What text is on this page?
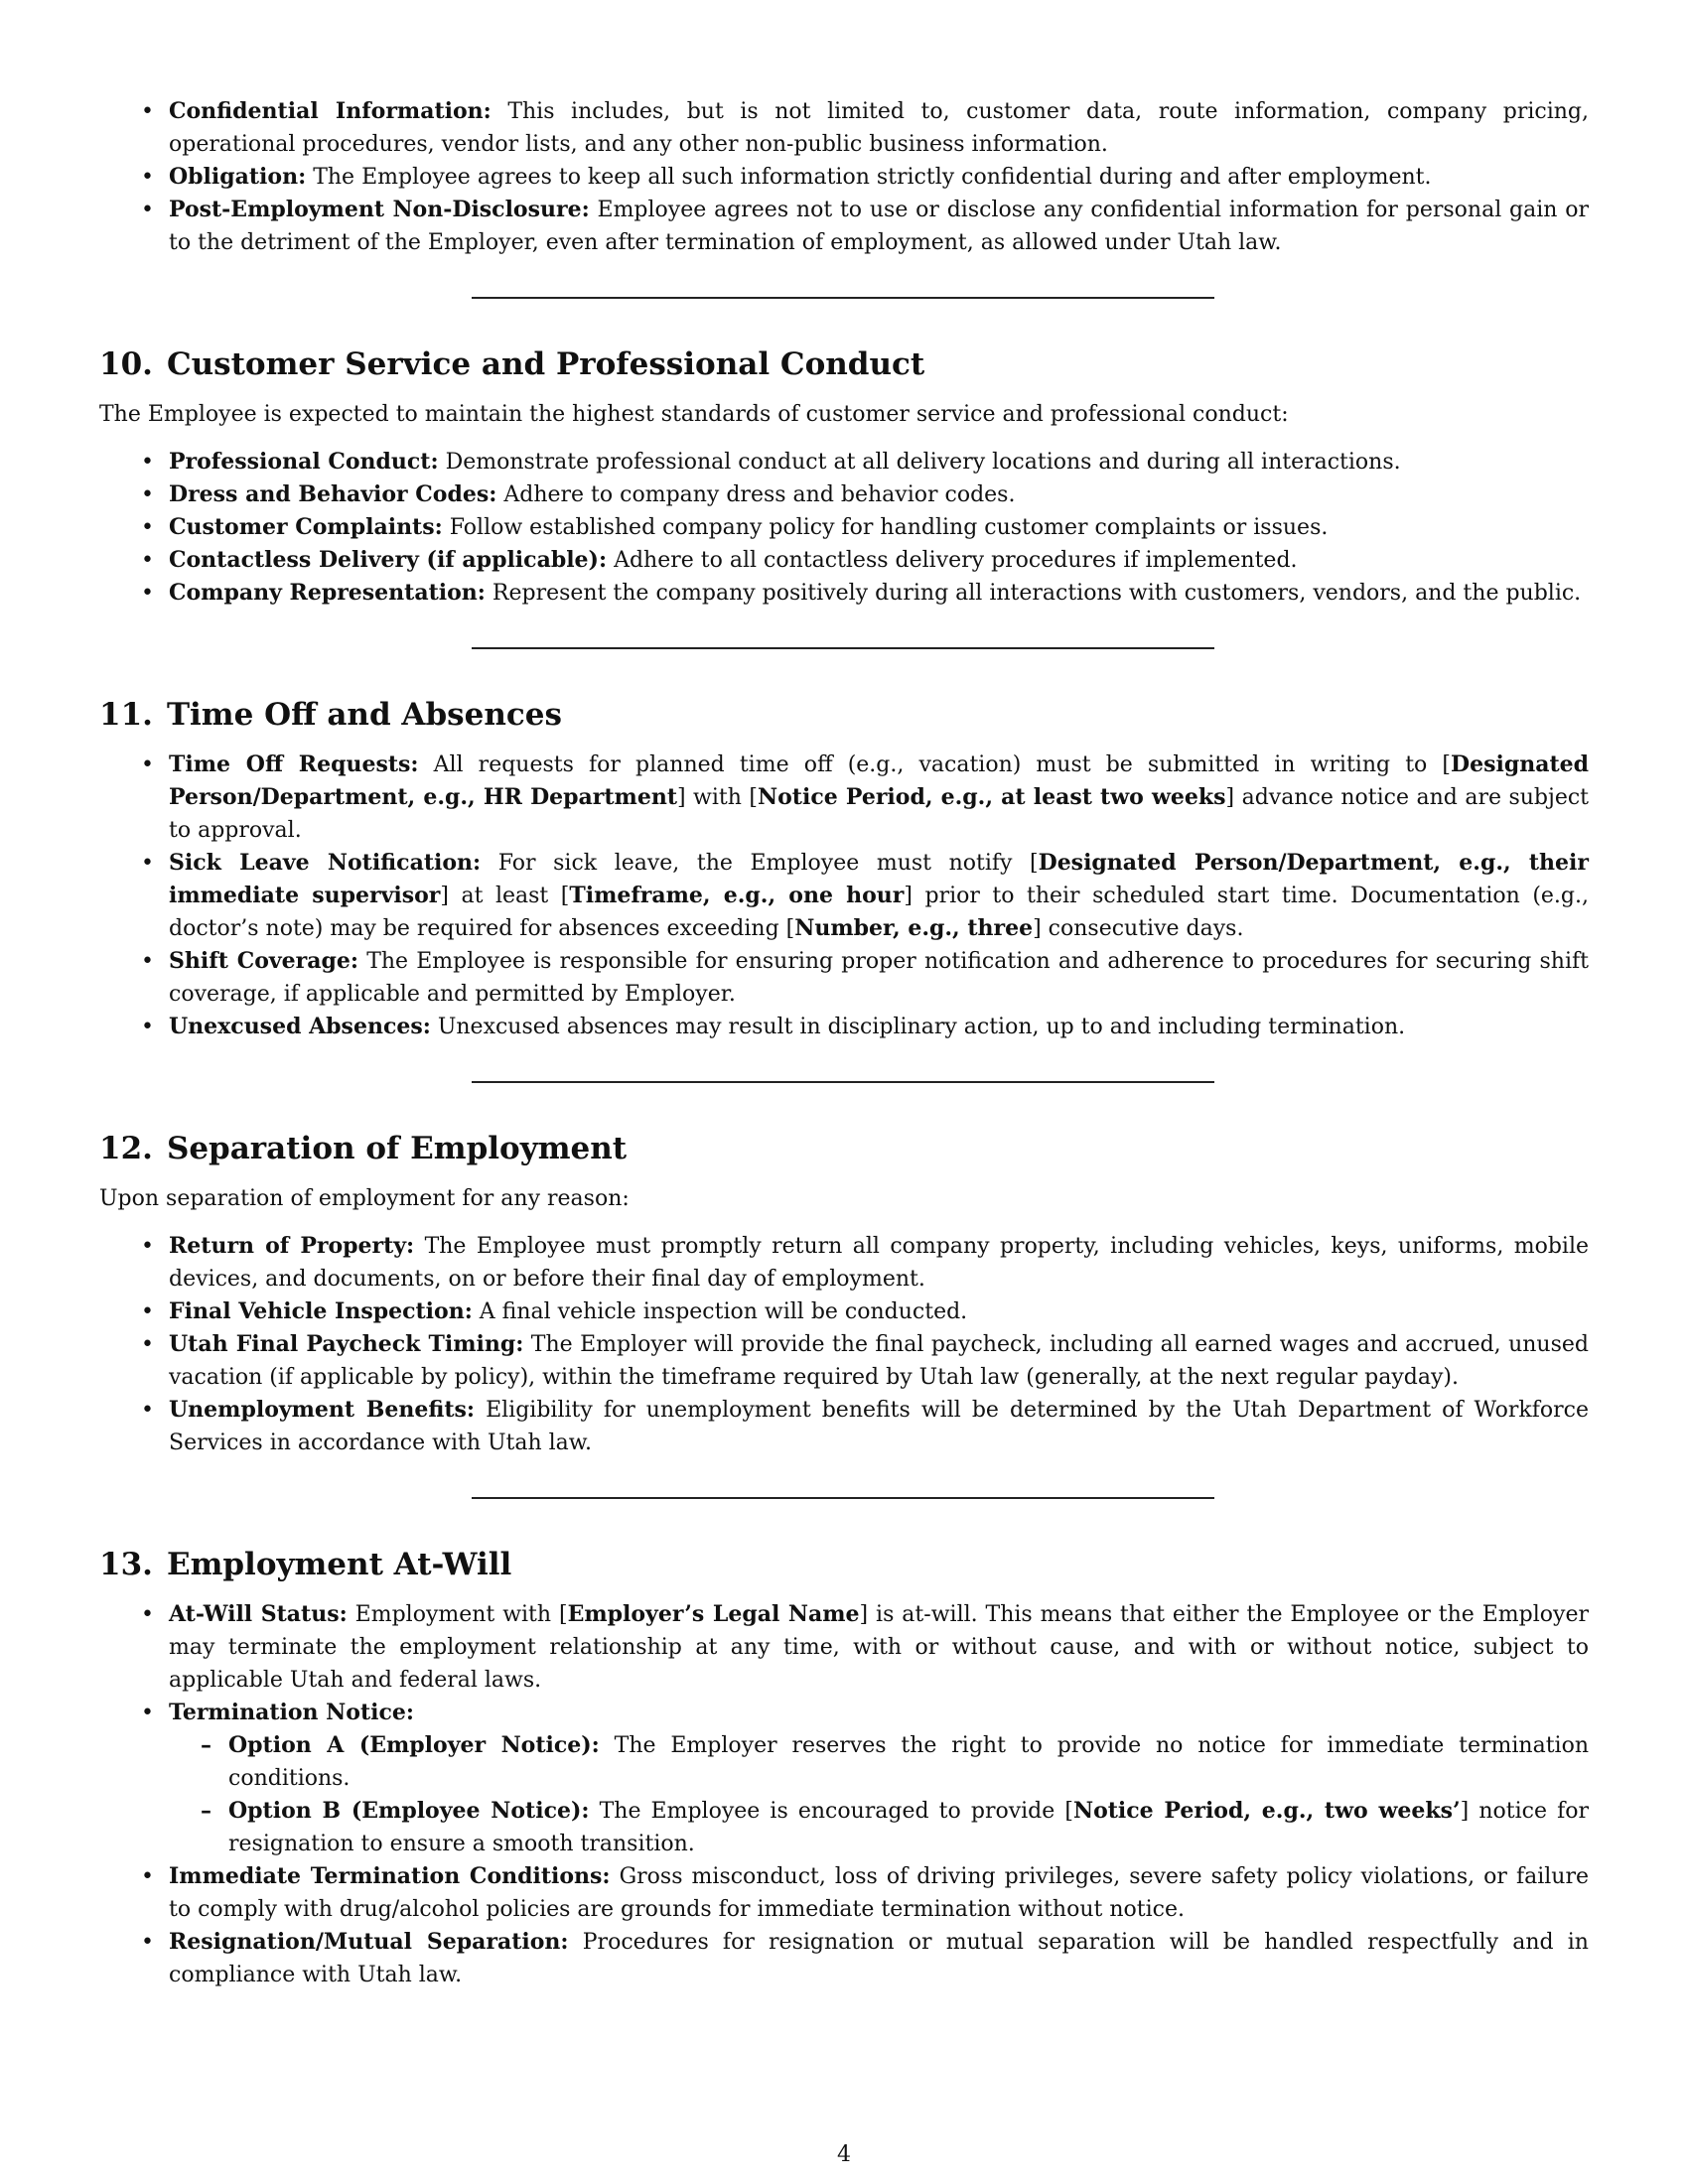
• Confidential Information: This includes, but is not limited to, customer data, route information, company pricing, operational procedures, vendor lists, and any other non-public business information.
• Obligation: The Employee agrees to keep all such information strictly confidential during and after employment.
• Post-Employment Non-Disclosure: Employee agrees not to use or disclose any confidential information for personal gain or to the detriment of the Employer, even after termination of employment, as allowed under Utah law.
10. Customer Service and Professional Conduct

The Employee is expected to maintain the highest standards of customer service and professional conduct:

• Professional Conduct: Demonstrate professional conduct at all delivery locations and during all interactions.
• Dress and Behavior Codes: Adhere to company dress and behavior codes.
• Customer Complaints: Follow established company policy for handling customer complaints or issues.
• Contactless Delivery (if applicable): Adhere to all contactless delivery procedures if implemented.
• Company Representation: Represent the company positively during all interactions with customers, vendors, and the public.
11. Time Off and Absences
• Time Off Requests: All requests for planned time off (e.g., vacation) must be submitted in writing to [Designated Person/Department, e.g., HR Department] with [Notice Period, e.g., at least two weeks] advance notice and are subject to approval.
• Sick Leave Notification: For sick leave, the Employee must notify [Designated Person/Department, e.g., their immediate supervisor] at least [Timeframe, e.g., one hour] prior to their scheduled start time. Documentation (e.g., doctor’s note) may be required for absences exceeding [Number, e.g., three] consecutive days.
• Shift Coverage: The Employee is responsible for ensuring proper notification and adherence to procedures for securing shift coverage, if applicable and permitted by Employer.
• Unexcused Absences: Unexcused absences may result in disciplinary action, up to and including termination.
12. Separation of Employment

Upon separation of employment for any reason:

• Return of Property: The Employee must promptly return all company property, including vehicles, keys, uniforms, mobile devices, and documents, on or before their final day of employment.
• Final Vehicle Inspection: A final vehicle inspection will be conducted.
• Utah Final Paycheck Timing: The Employer will provide the final paycheck, including all earned wages and accrued, unused vacation (if applicable by policy), within the timeframe required by Utah law (generally, at the next regular payday).
• Unemployment Benefits: Eligibility for unemployment benefits will be determined by the Utah Department of Workforce Services in accordance with Utah law.
13. Employment At-Will
• At-Will Status: Employment with [Employer’s Legal Name] is at-will. This means that either the Employee or the Employer may terminate the employment relationship at any time, with or without cause, and with or without notice, subject to applicable Utah and federal laws.
• Termination Notice:
– Option A (Employer Notice): The Employer reserves the right to provide no notice for immediate termination conditions.
– Option B (Employee Notice): The Employee is encouraged to provide [Notice Period, e.g., two weeks’] notice for resignation to ensure a smooth transition.
• Immediate Termination Conditions: Gross misconduct, loss of driving privileges, severe safety policy violations, or failure to comply with drug/alcohol policies are grounds for immediate termination without notice.
• Resignation/Mutual Separation: Procedures for resignation or mutual separation will be handled respectfully and in compliance with Utah law.
4
